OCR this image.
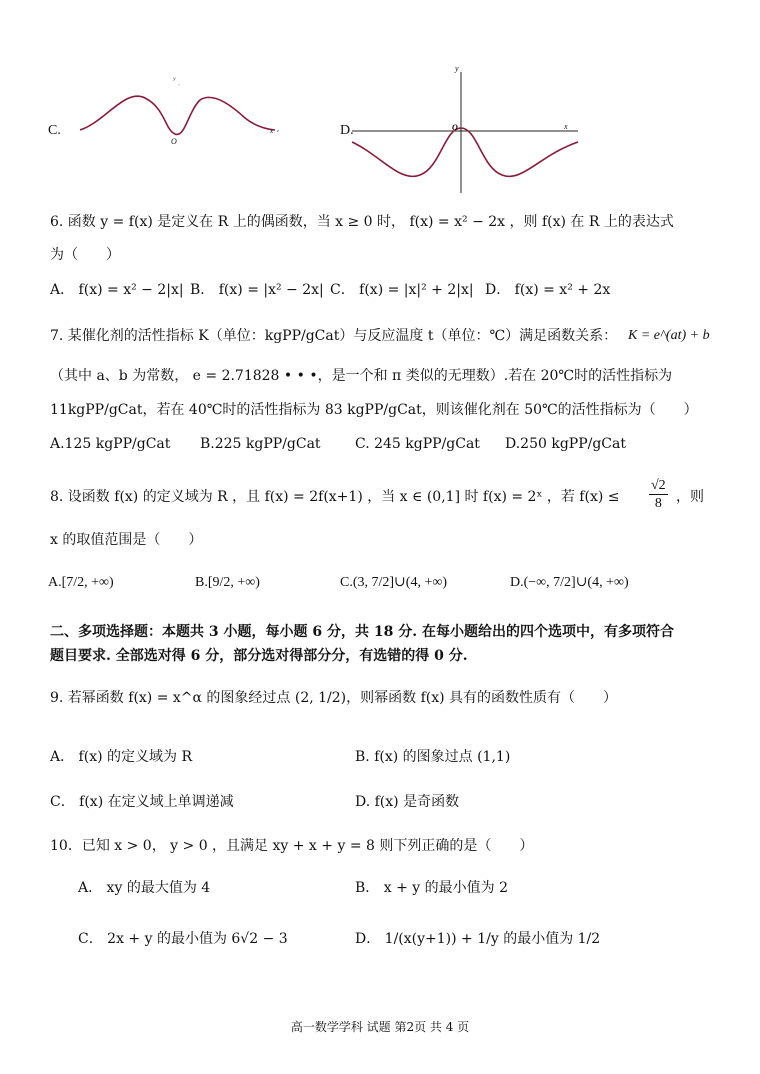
C.
ʸ ˎ
O
x ᵉ	D.
y
O	x
6. 函数 y = f(x) 是定义在 R 上的偶函数，当 x ≥ 0 时， f(x) = x² − 2x ，则 f(x) 在 R 上的表达式
为（　　）
A． f(x) = x² − 2|x| B． f(x) = |x² − 2x| C． f(x) = |x|² + 2|x| D． f(x) = x² + 2x
7. 某催化剂的活性指标 K（单位：kgPP/gCat）与反应温度 t（单位：℃）满足函数关系： K = e^(at) + b
（其中 a、b 为常数， e = 2.71828 • • •，是一个和 π 类似的无理数）.若在 20℃时的活性指标为
11kgPP/gCat，若在 40℃时的活性指标为 83 kgPP/gCat，则该催化剂在 50℃的活性指标为（　　）
A.125 kgPP/gCat B.225 kgPP/gCat C. 245 kgPP/gCat D.250 kgPP/gCat
8. 设函数 f(x) 的定义域为 R ，且 f(x) = 2f(x+1) ，当 x ∈ (0,1] 时 f(x) = 2ˣ ，若 $f(x) \le \frac{√2}{8}$ ，则
x 的取值范围是（　　）
A.[7/2, +∞)	B.[9/2, +∞)	C.(3, 7/2]∪(4, +∞)	D.(−∞, 7/2]∪(4, +∞)
二、多项选择题：本题共 3 小题，每小题 6 分，共 18 分. 在每小题给出的四个选项中，有多项符合
题目要求. 全部选对得 6 分，部分选对得部分分，有选错的得 0 分.
9. 若幂函数 f(x) = x^α 的图象经过点 (2, 1/2)，则幂函数 f(x) 具有的函数性质有（　　）
A． f(x) 的定义域为 R	B. f(x) 的图象过点 (1,1)
C． f(x) 在定义域上单调递减	D. f(x) 是奇函数
10．已知 x > 0， y > 0 ，且满足 xy + x + y = 8 则下列正确的是（　　）
A． xy 的最大值为 4	B． x + y 的最小值为 2
C． 2x + y 的最小值为 6√2 − 3	D． 1/(x(y+1)) + 1/y 的最小值为 1/2
高一数学学科 试题 第2页 共 4 页
